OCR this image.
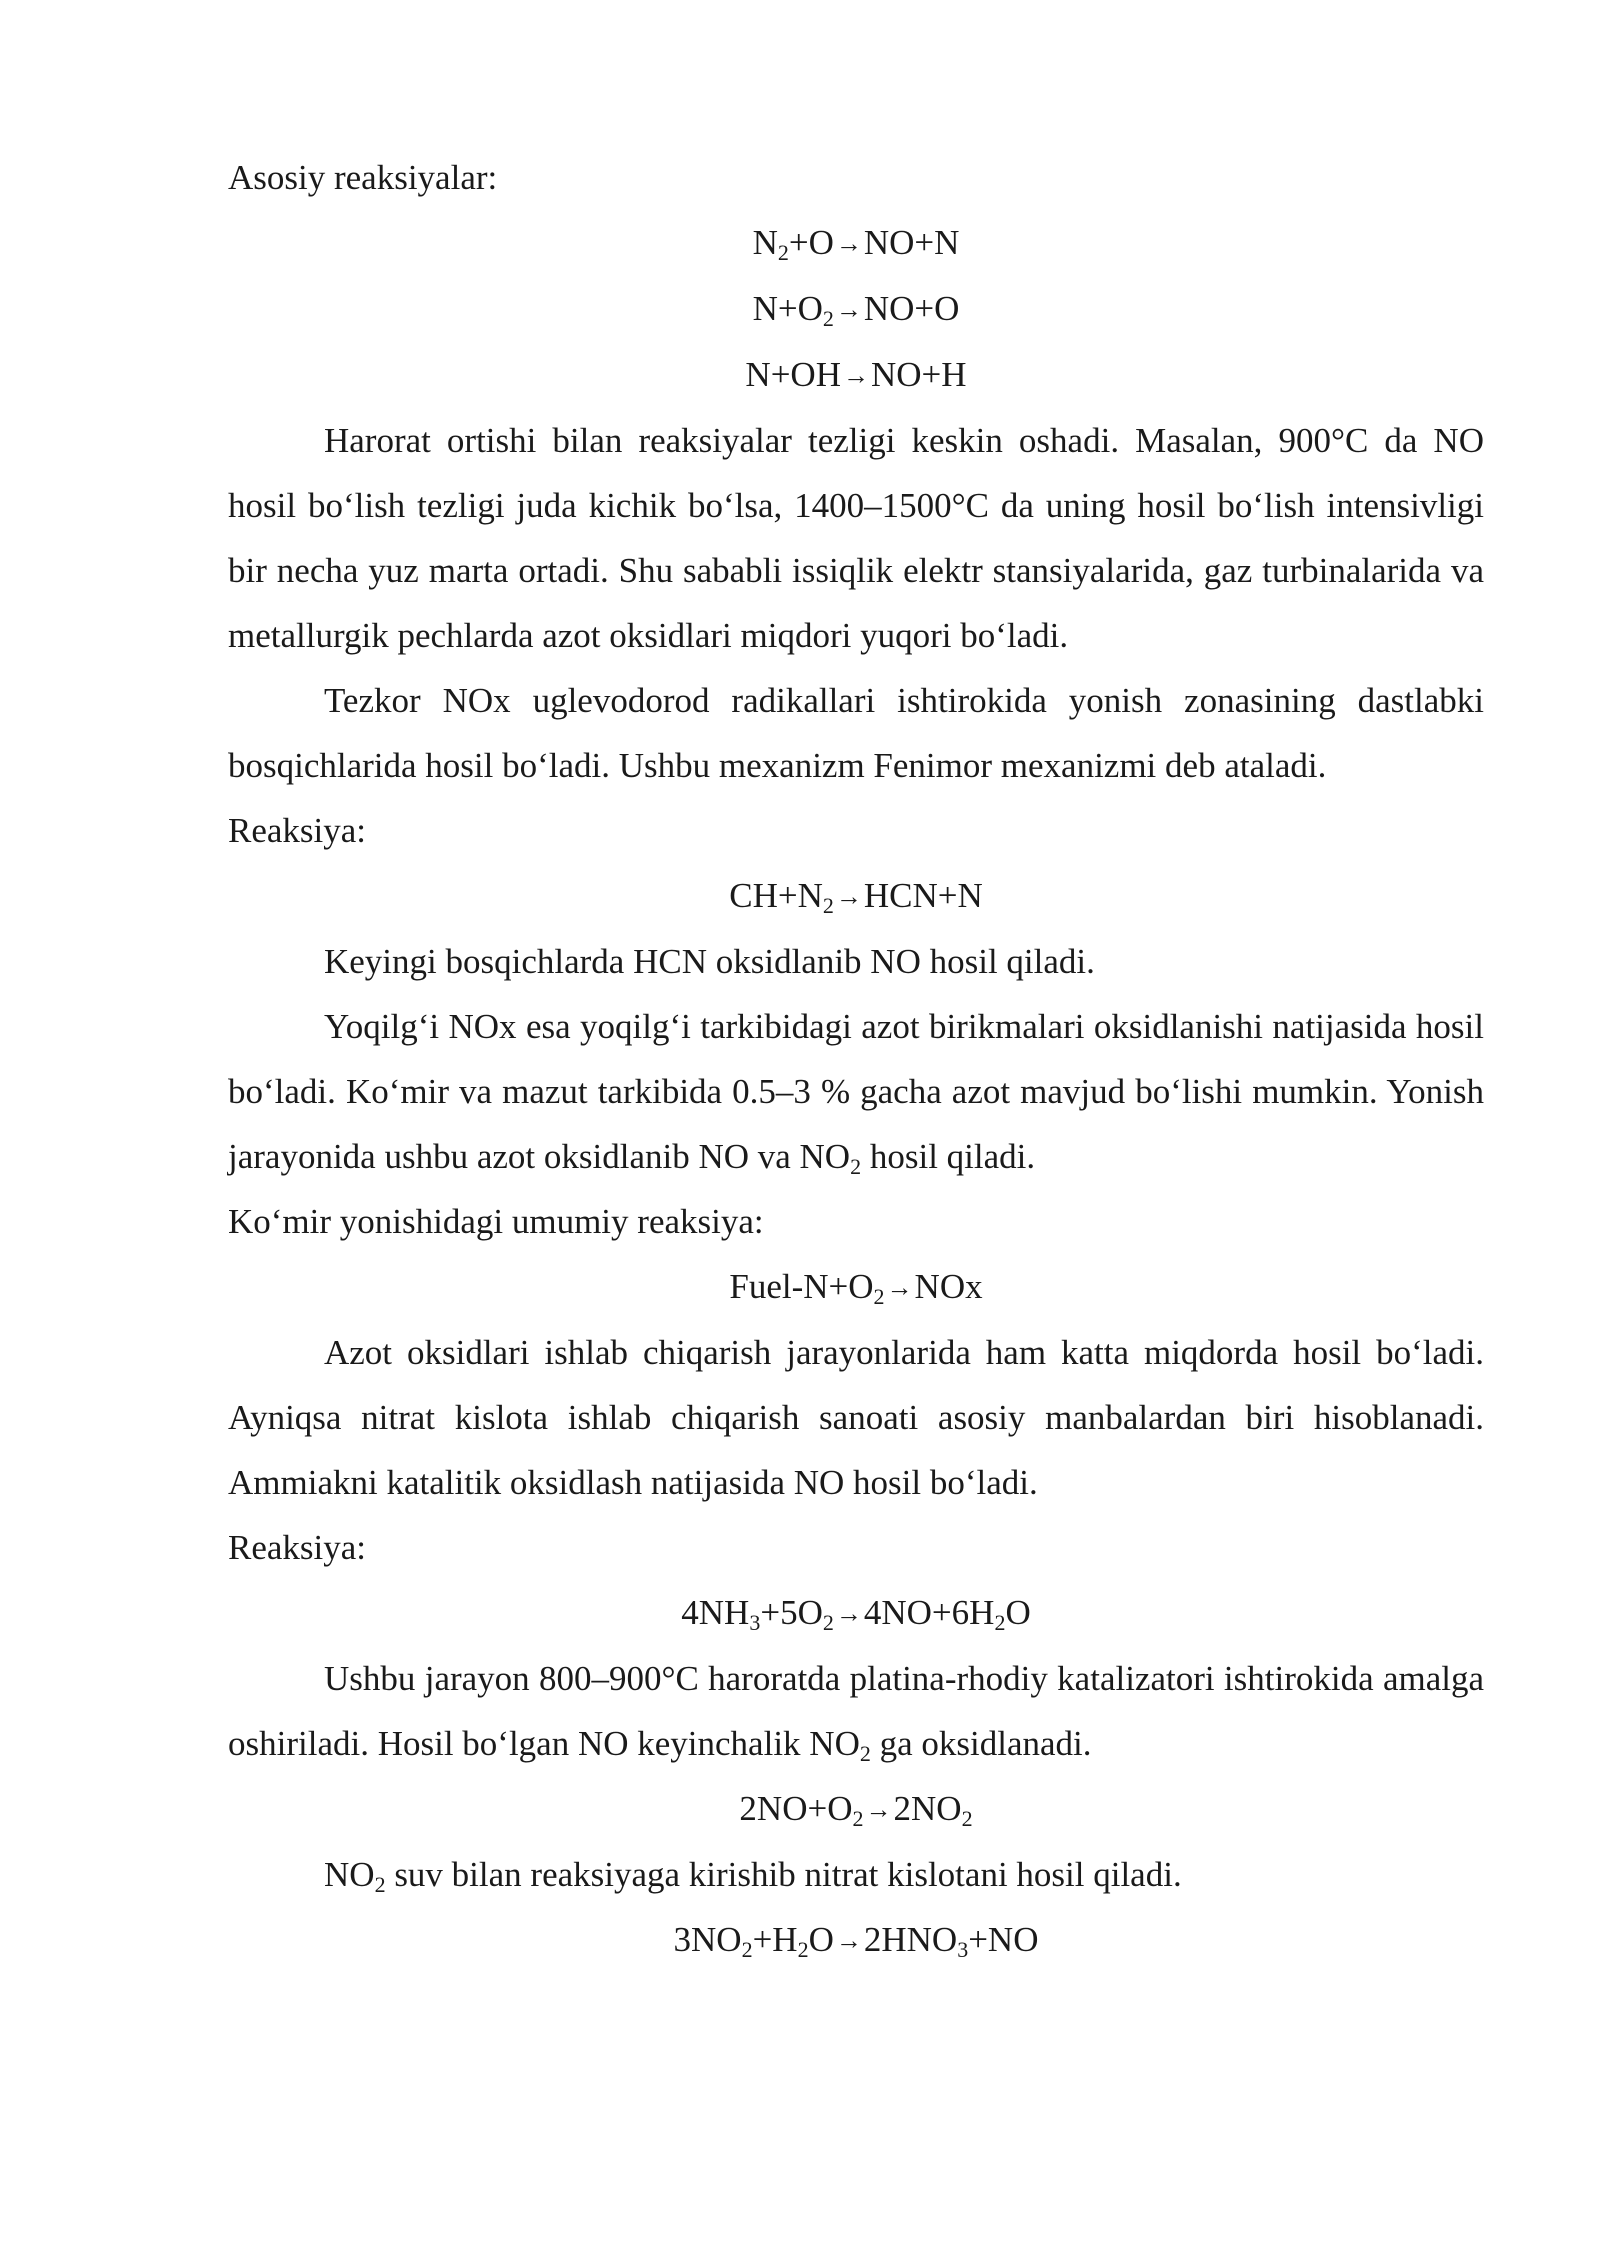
Asosiy reaksiyalar:

$N_2+O\to NO+N$

$N+O_2\to NO+O$

N+OH→NO+H

Harorat ortishi bilan reaksiyalar tezligi keskin oshadi. Masalan, 900°C da NO hosil bo‘lish tezligi juda kichik bo‘lsa, 1400–1500°C da uning hosil bo‘lish intensivligi bir necha yuz marta ortadi. Shu sababli issiqlik elektr stansiyalarida, gaz turbinalarida va metallurgik pechlarda azot oksidlari miqdori yuqori bo‘ladi.

Tezkor NOx uglevodorod radikallari ishtirokida yonish zonasining dastlabki bosqichlarida hosil bo‘ladi. Ushbu mexanizm Fenimor mexanizmi deb ataladi.

Reaksiya:

$CH+N_2\to HCN+N$

Keyingi bosqichlarda HCN oksidlanib NO hosil qiladi.

Yoqilg‘i NOx esa yoqilg‘i tarkibidagi azot birikmalari oksidlanishi natijasida hosil bo‘ladi. Ko‘mir va mazut tarkibida 0.5–3 % gacha azot mavjud bo‘lishi mumkin. Yonish jarayonida ushbu azot oksidlanib NO va $NO_2$ hosil qiladi.

Ko‘mir yonishidagi umumiy reaksiya:

Fuel-$N+O_2\to NOx$

Azot oksidlari ishlab chiqarish jarayonlarida ham katta miqdorda hosil bo‘ladi. Ayniqsa nitrat kislota ishlab chiqarish sanoati asosiy manbalardan biri hisoblanadi. Ammiakni katalitik oksidlash natijasida NO hosil bo‘ladi.

Reaksiya:

$4NH_3+5O_2\to 4NO+6H_2O$

Ushbu jarayon 800–900°C haroratda platina-rhodiy katalizatori ishtirokida amalga oshiriladi. Hosil bo‘lgan NO keyinchalik $NO_2$ ga oksidlanadi.

$2NO+O_2\to 2NO_2$

$NO_2$ suv bilan reaksiyaga kirishib nitrat kislotani hosil qiladi.

$3NO_2+H_2O\to 2HNO_3+NO$
